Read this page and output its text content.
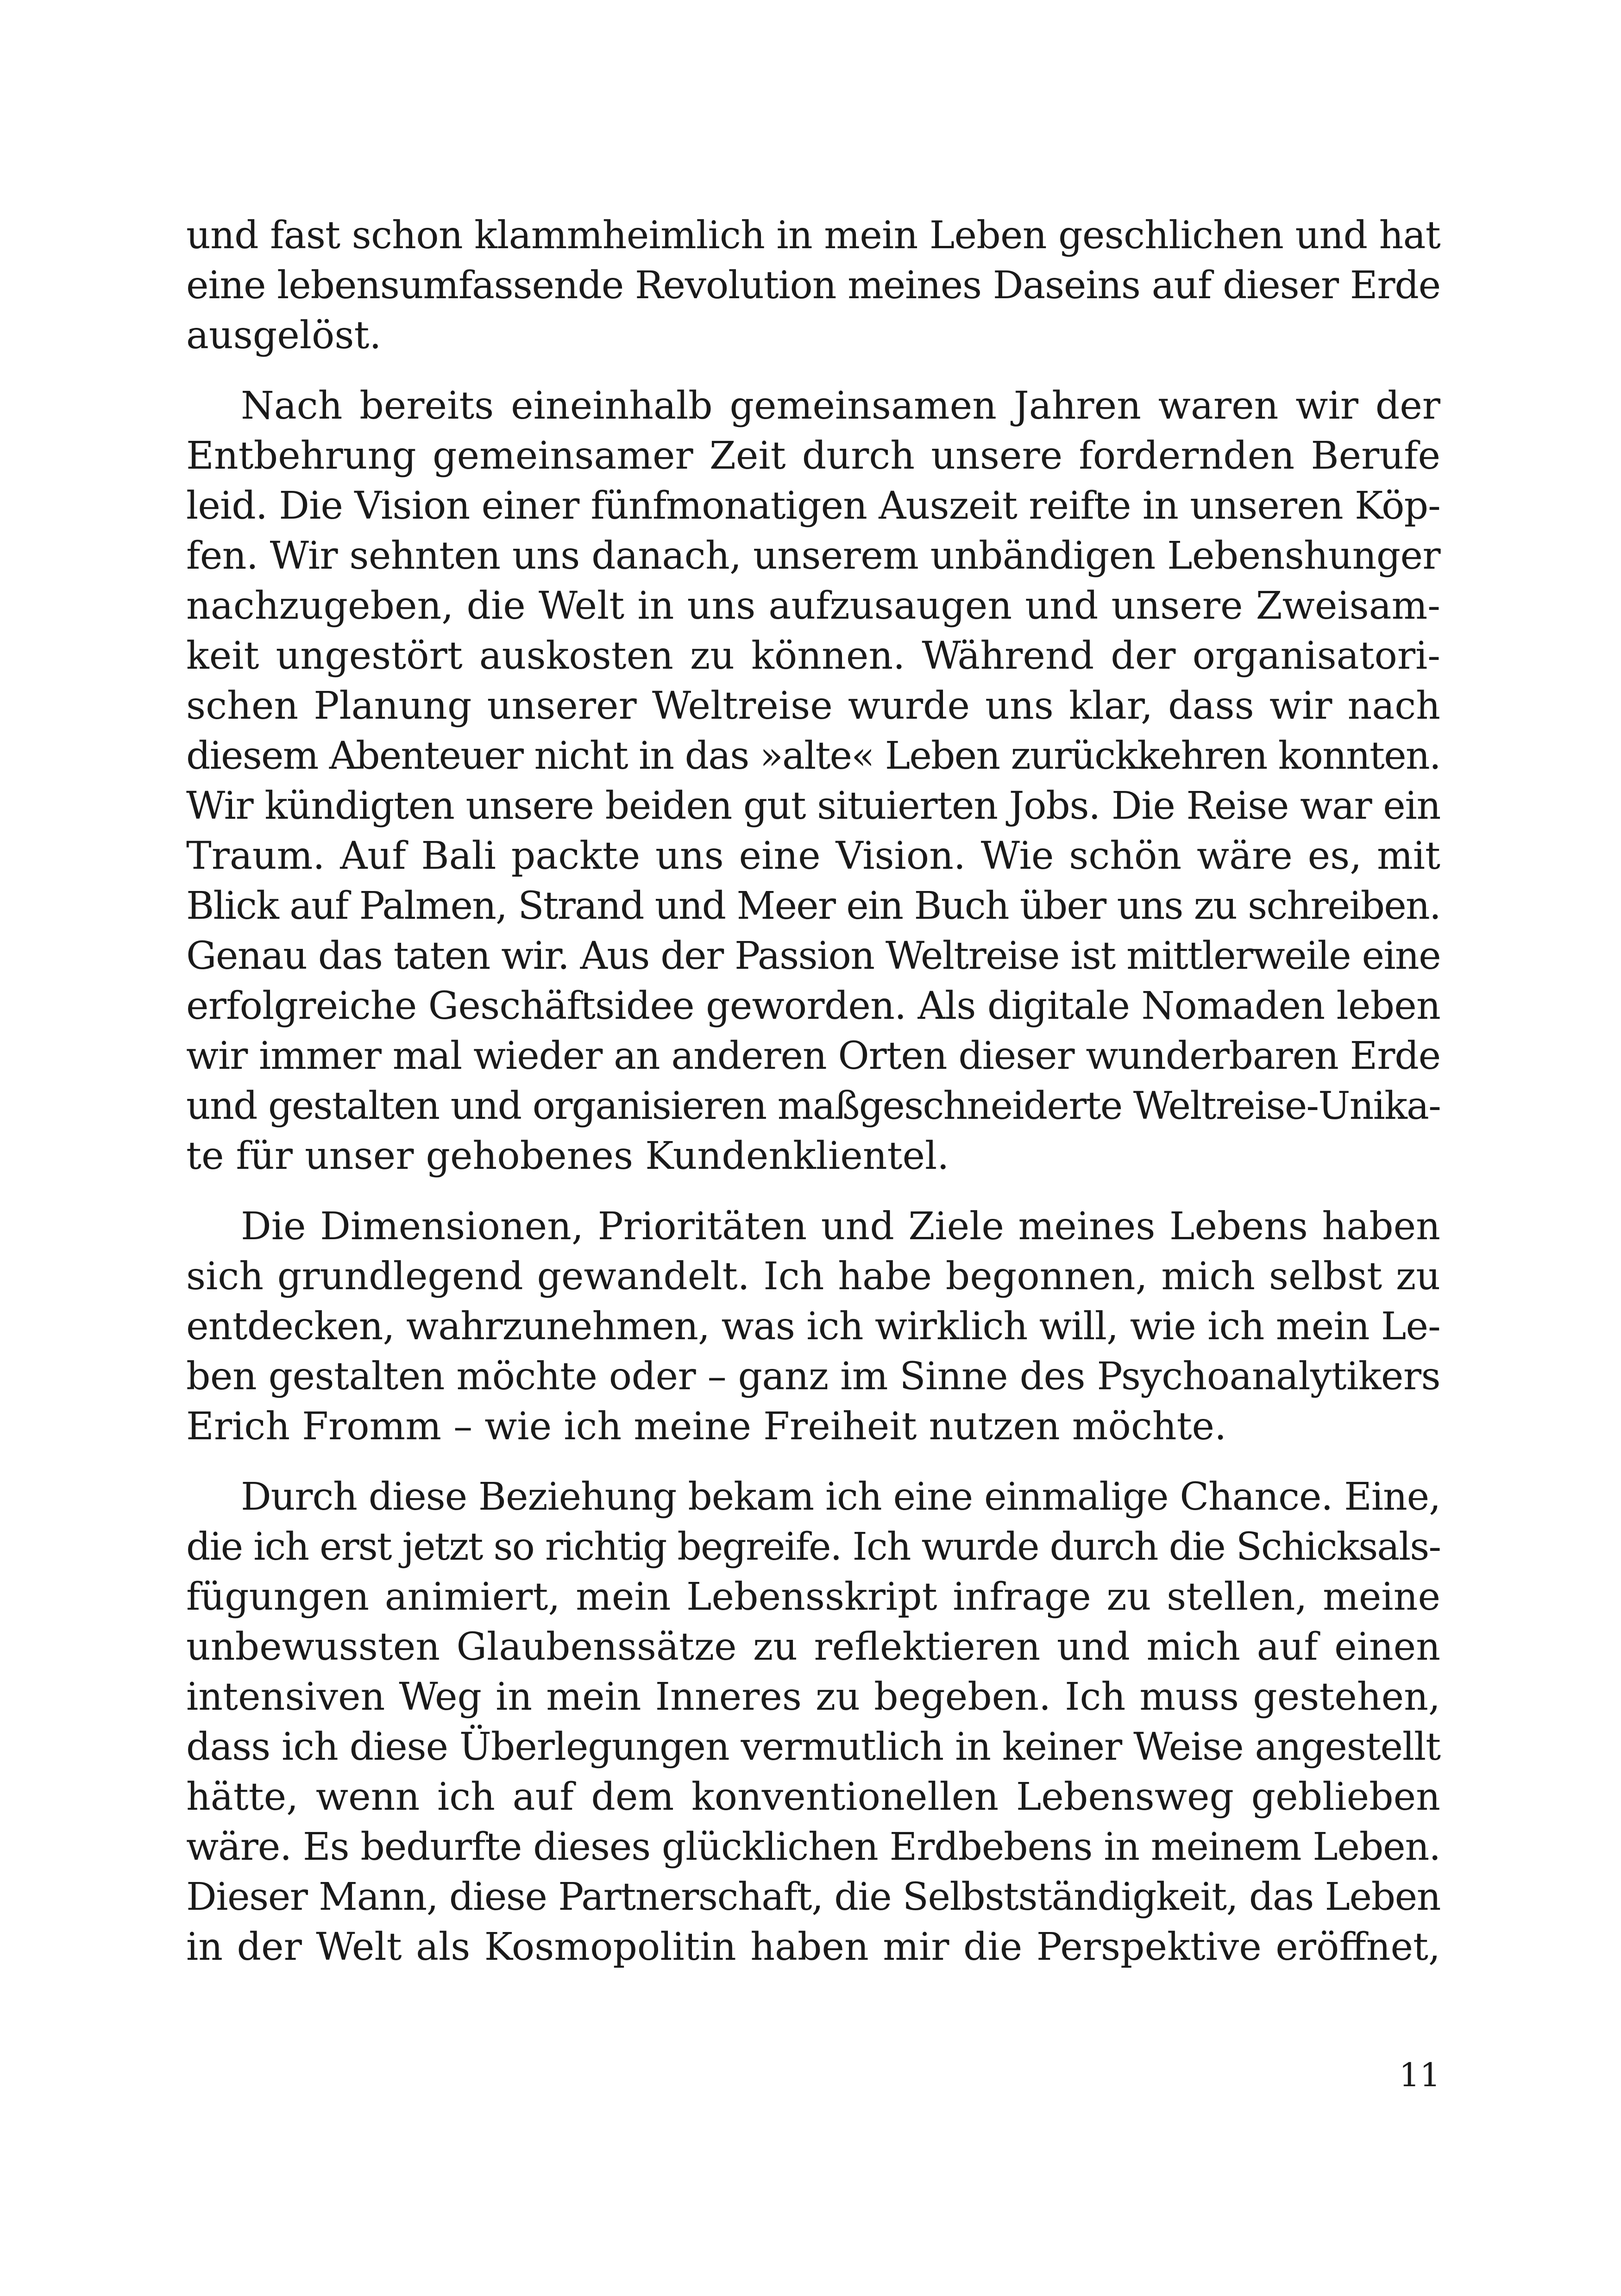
und fast schon klammheimlich in mein Leben geschlichen und hat
eine lebensumfassende Revolution meines Daseins auf dieser Erde
ausgelöst.
Nach bereits eineinhalb gemeinsamen Jahren waren wir der
Entbehrung gemeinsamer Zeit durch unsere fordernden Berufe
leid. Die Vision einer fünfmonatigen Auszeit reifte in unseren Köp-
fen. Wir sehnten uns danach, unserem unbändigen Lebenshunger
nachzugeben, die Welt in uns aufzusaugen und unsere Zweisam-
keit ungestört auskosten zu können. Während der organisatori-
schen Planung unserer Weltreise wurde uns klar, dass wir nach
diesem Abenteuer nicht in das »alte« Leben zurückkehren konnten.
Wir kündigten unsere beiden gut situierten Jobs. Die Reise war ein
Traum. Auf Bali packte uns eine Vision. Wie schön wäre es, mit
Blick auf Palmen, Strand und Meer ein Buch über uns zu schreiben.
Genau das taten wir. Aus der Passion Weltreise ist mittlerweile eine
erfolgreiche Geschäftsidee geworden. Als digitale Nomaden leben
wir immer mal wieder an anderen Orten dieser wunderbaren Erde
und gestalten und organisieren maßgeschneiderte Weltreise-Unika-
te für unser gehobenes Kundenklientel.
Die Dimensionen, Prioritäten und Ziele meines Lebens haben
sich grundlegend gewandelt. Ich habe begonnen, mich selbst zu
entdecken, wahrzunehmen, was ich wirklich will, wie ich mein Le-
ben gestalten möchte oder – ganz im Sinne des Psychoanalytikers
Erich Fromm – wie ich meine Freiheit nutzen möchte.
Durch diese Beziehung bekam ich eine einmalige Chance. Eine,
die ich erst jetzt so richtig begreife. Ich wurde durch die Schicksals-
fügungen animiert, mein Lebensskript infrage zu stellen, meine
unbewussten Glaubenssätze zu reflektieren und mich auf einen
intensiven Weg in mein Inneres zu begeben. Ich muss gestehen,
dass ich diese Überlegungen vermutlich in keiner Weise angestellt
hätte, wenn ich auf dem konventionellen Lebensweg geblieben
wäre. Es bedurfte dieses glücklichen Erdbebens in meinem Leben.
Dieser Mann, diese Partnerschaft, die Selbstständigkeit, das Leben
in der Welt als Kosmopolitin haben mir die Perspektive eröffnet,
11
